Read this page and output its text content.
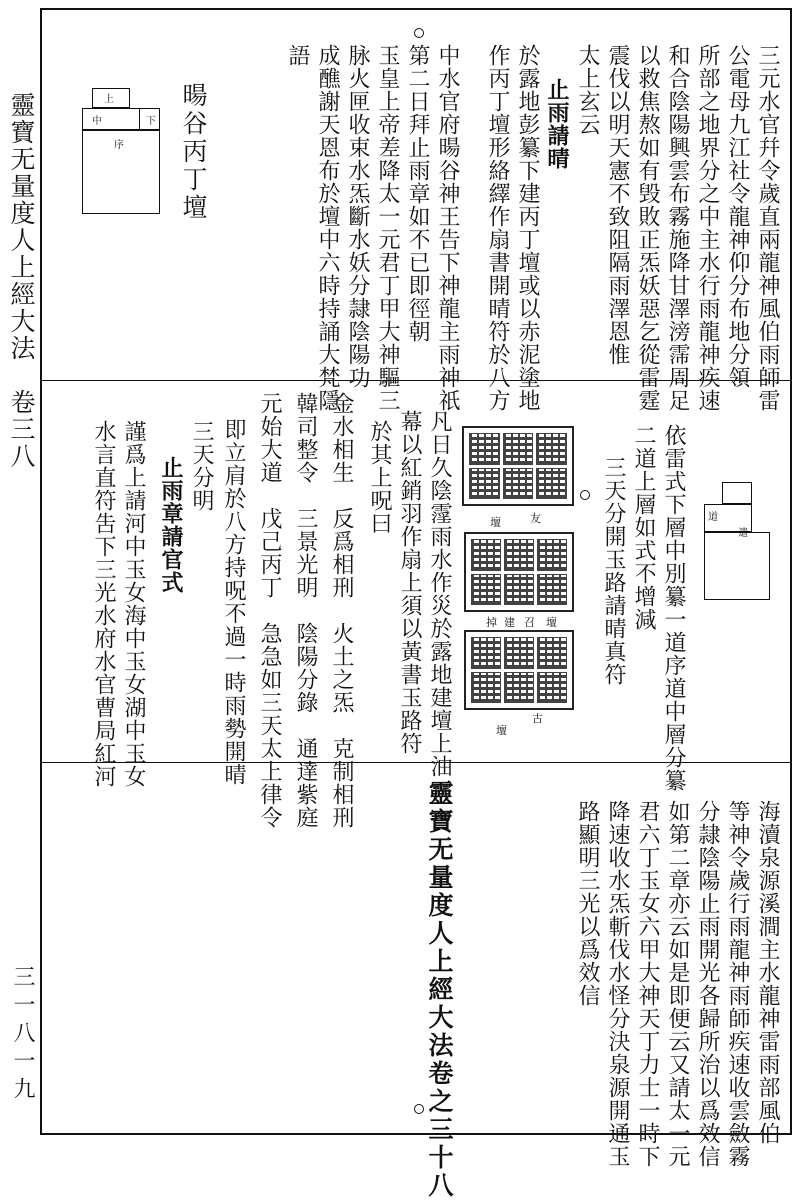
靈寶无量度人上經大法　卷三八
三一八一九
三元水官幷令歲直兩龍神風伯雨師雷
公電母九江社令龍神仰分布地分領
所部之地界分之中主水行雨龍神疾速
和合陰陽興雲布霧施降甘澤滂霈周足
以救焦熬如有毁敗正炁妖惡乞從雷霆
震伐以明天憲不致阻隔雨澤恩惟
太上玄云
止雨請晴
於露地彭纂下建丙丁壇或以赤泥塗地
作丙丁壇形絡繹作扇書開晴符於八方
中水官府暘谷神王告下神龍主雨神祇
第二日拜止雨章如不已即徑朝
玉皇上帝差降太一元君丁甲大神驅三
脉火匣收束水炁斷水妖分隷陰陽功
成醮謝天恩布於壇中六時持誦大梵隱
語
暘谷丙丁壇
上
中	下
序
依雷式下層中別纂一道序道中層分纂
二道上層如式不增減
三天分開玉路請晴真符	道
遣
友
壇
掉 建 召 壇
古
壇
凡日久陰霪雨水作災於露地建壇上油
幕以紅銷羽作扇上須以黃書玉路符
於其上呪曰
金水相生　反爲相刑　火土之炁　克制相刑
韓司整令　三景光明　陰陽分錄　通達紫庭
元始大道　戊己丙丁　急急如三天太上律令
即立肩於八方持呪不過一時雨勢開晴
三天分明
止雨章請官式
謹爲上請河中玉女海中玉女湖中玉女
水言直符吿下三光水府水官曹局紅河
海瀆泉源溪澗主水龍神雷雨部風伯
等神令歲行雨龍神雨師疾速收雲斂霧
分隷陰陽止雨開光各歸所治以爲效信
如第二章亦云如是即便云又請太一元
君六丁玉女六甲大神天丁力士一時下
降速收水炁斬伐水怪分決泉源開通玉
路顯明三光以爲效信
靈寶无量度人上經大法卷之三十八
